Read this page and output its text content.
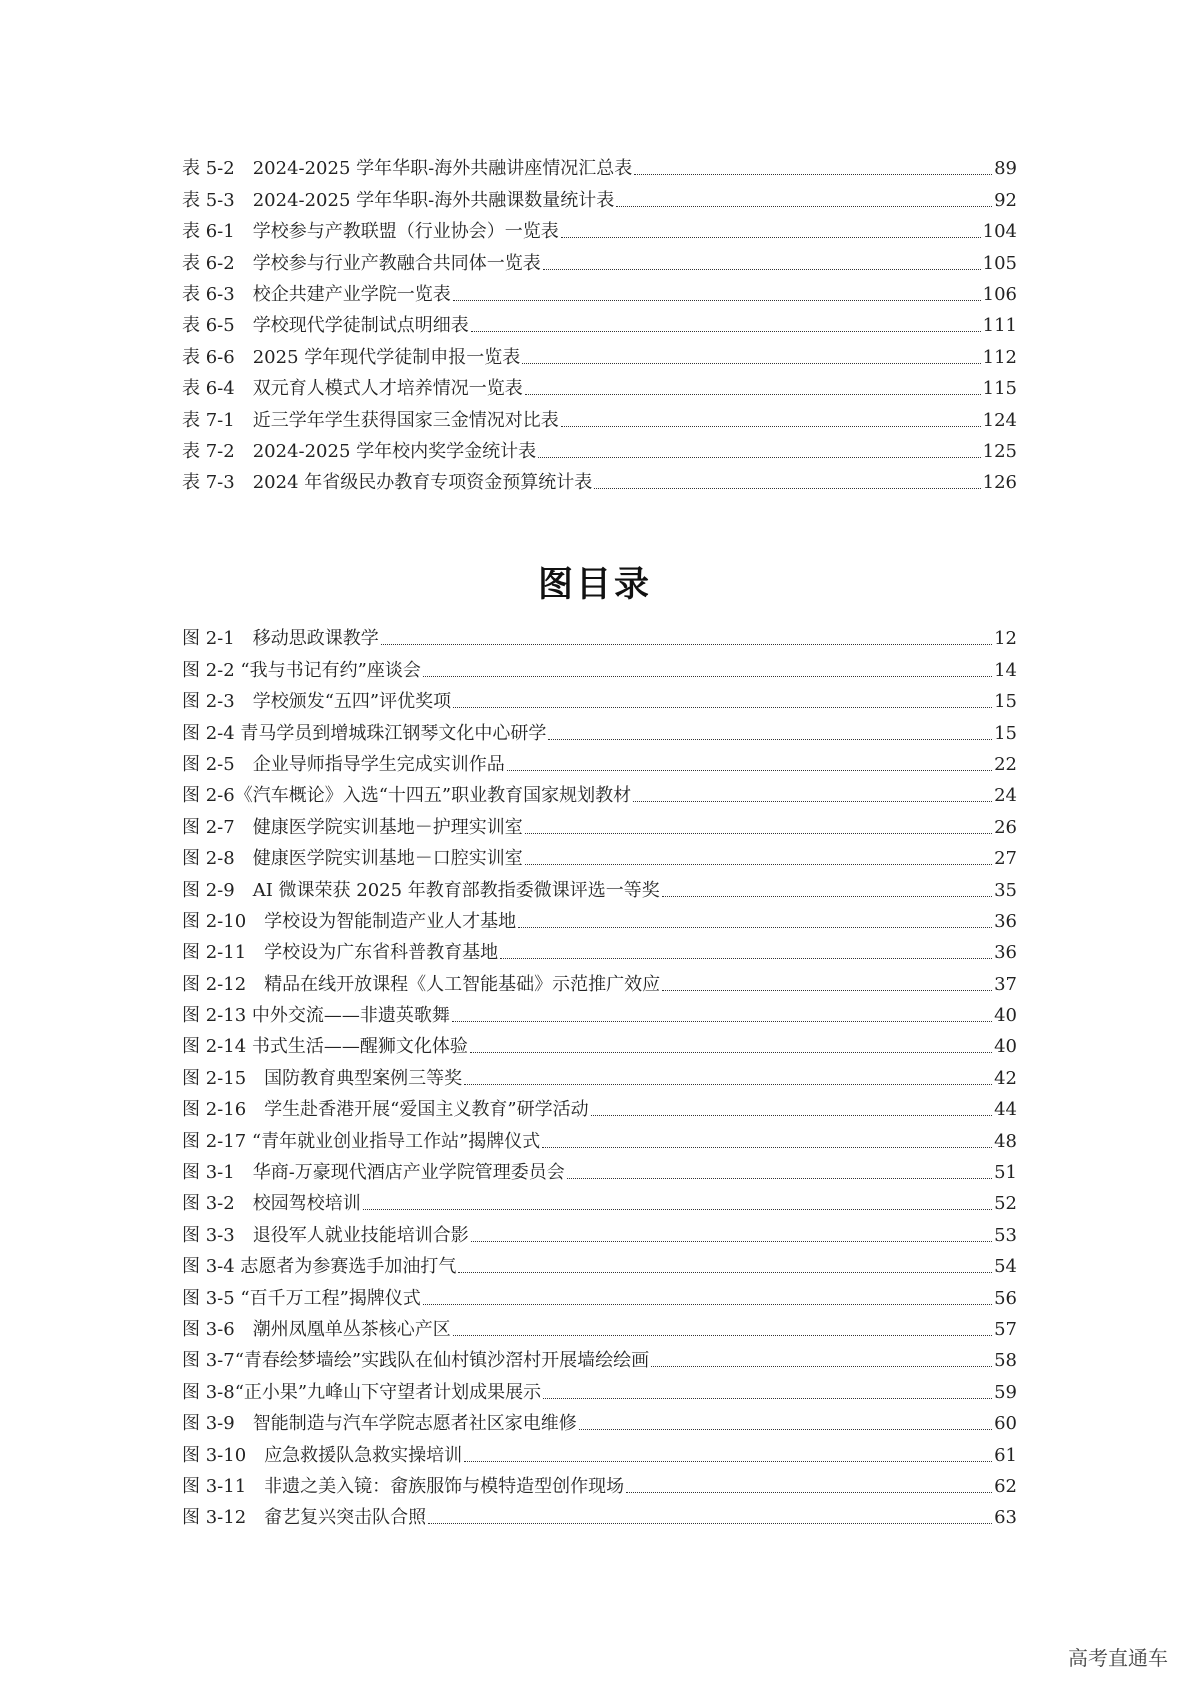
表 5-2　2024-2025 学年华职-海外共融讲座情况汇总表	89
表 5-3　2024-2025 学年华职-海外共融课数量统计表	92
表 6-1　学校参与产教联盟（行业协会）一览表	104
表 6-2　学校参与行业产教融合共同体一览表	105
表 6-3　校企共建产业学院一览表	106
表 6-5　学校现代学徒制试点明细表	111
表 6-6　2025 学年现代学徒制申报一览表	112
表 6-4　双元育人模式人才培养情况一览表	115
表 7-1　近三学年学生获得国家三金情况对比表	124
表 7-2　2024-2025 学年校内奖学金统计表	125
表 7-3　2024 年省级民办教育专项资金预算统计表	126
图目录
图 2-1　移动思政课教学	12
图 2-2 “我与书记有约”座谈会	14
图 2-3　学校颁发“五四”评优奖项	15
图 2-4 青马学员到增城珠江钢琴文化中心研学	15
图 2-5　企业导师指导学生完成实训作品	22
图 2-6《汽车概论》入选“十四五”职业教育国家规划教材	24
图 2-7　健康医学院实训基地－护理实训室	26
图 2-8　健康医学院实训基地－口腔实训室	27
图 2-9　AI 微课荣获 2025 年教育部教指委微课评选一等奖	35
图 2-10　学校设为智能制造产业人才基地	36
图 2-11　学校设为广东省科普教育基地	36
图 2-12　精品在线开放课程《人工智能基础》示范推广效应	37
图 2-13 中外交流——非遗英歌舞	40
图 2-14 书式生活——醒狮文化体验	40
图 2-15　国防教育典型案例三等奖	42
图 2-16　学生赴香港开展“爱国主义教育”研学活动	44
图 2-17 “青年就业创业指导工作站”揭牌仪式	48
图 3-1　华商-万豪现代酒店产业学院管理委员会	51
图 3-2　校园驾校培训	52
图 3-3　退役军人就业技能培训合影	53
图 3-4 志愿者为参赛选手加油打气	54
图 3-5 “百千万工程”揭牌仪式	56
图 3-6　潮州凤凰单丛茶核心产区	57
图 3-7“青春绘梦墙绘”实践队在仙村镇沙滘村开展墙绘绘画	58
图 3-8“正小果”九峰山下守望者计划成果展示	59
图 3-9　智能制造与汽车学院志愿者社区家电维修	60
图 3-10　应急救援队急救实操培训	61
图 3-11　非遗之美入镜：畲族服饰与模特造型创作现场	62
图 3-12　畲艺复兴突击队合照	63
高考直通车
